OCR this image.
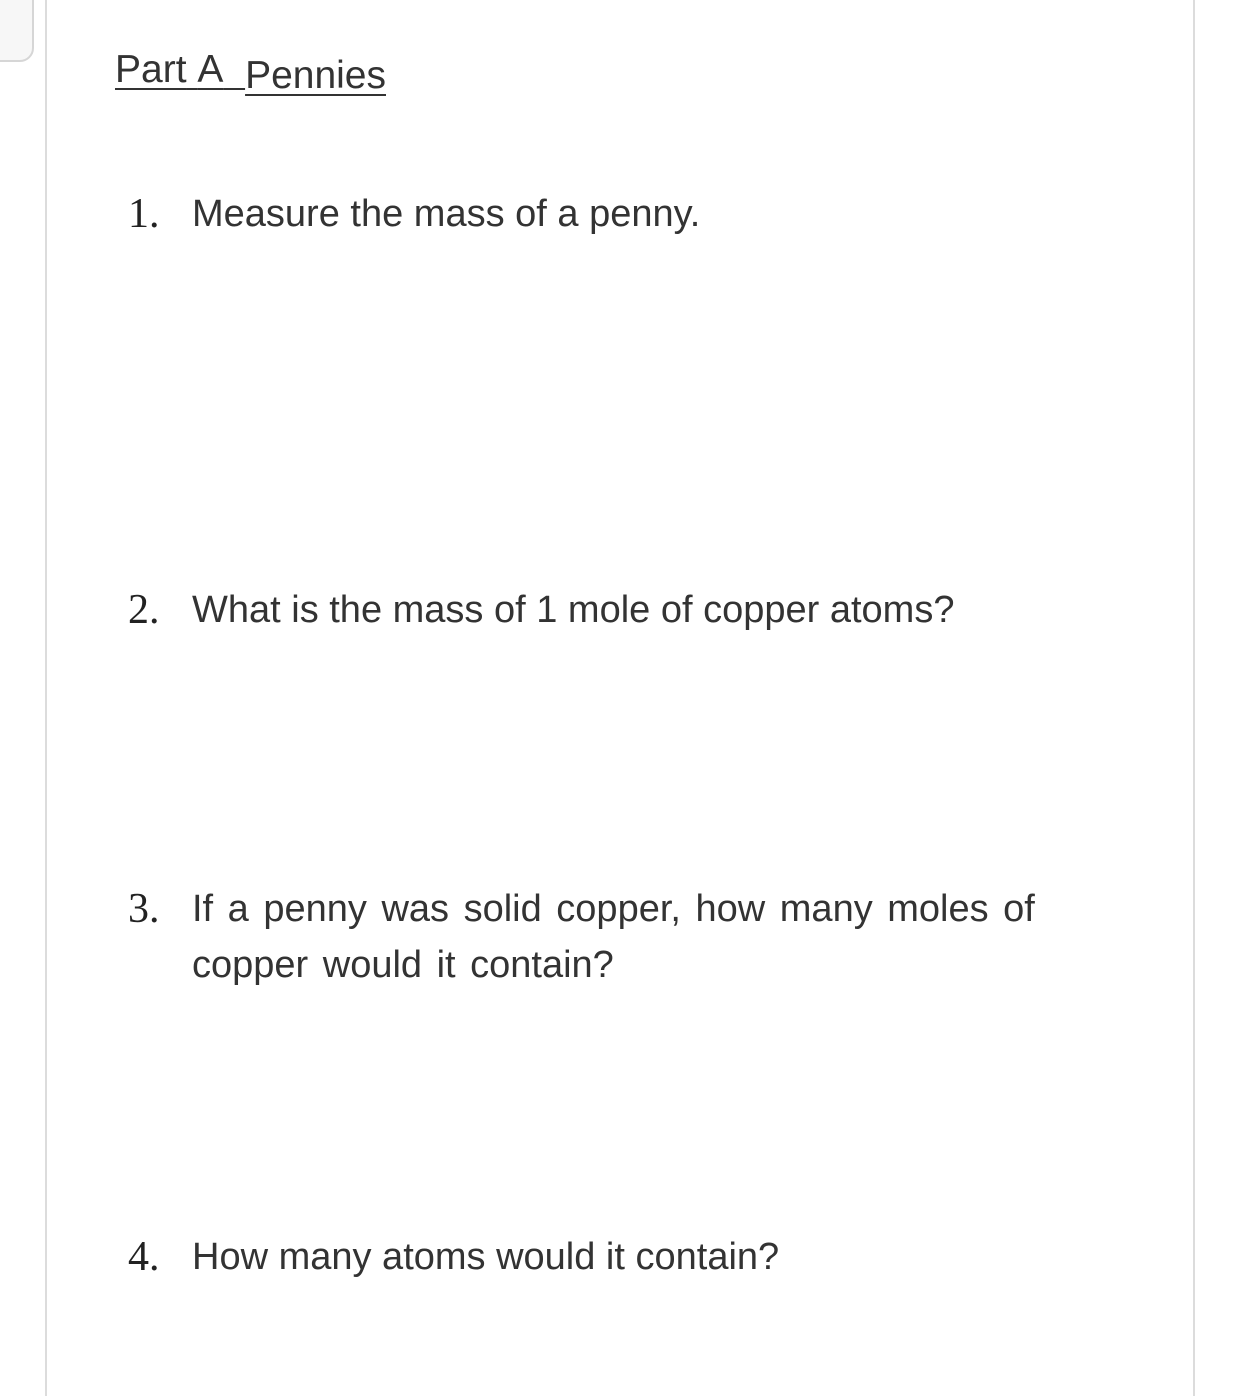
Part A Pennies
1. Measure the mass of a penny.
2. What is the mass of 1 mole of copper atoms?
3. If a penny was solid copper, how many moles of copper would it contain?
4. How many atoms would it contain?
